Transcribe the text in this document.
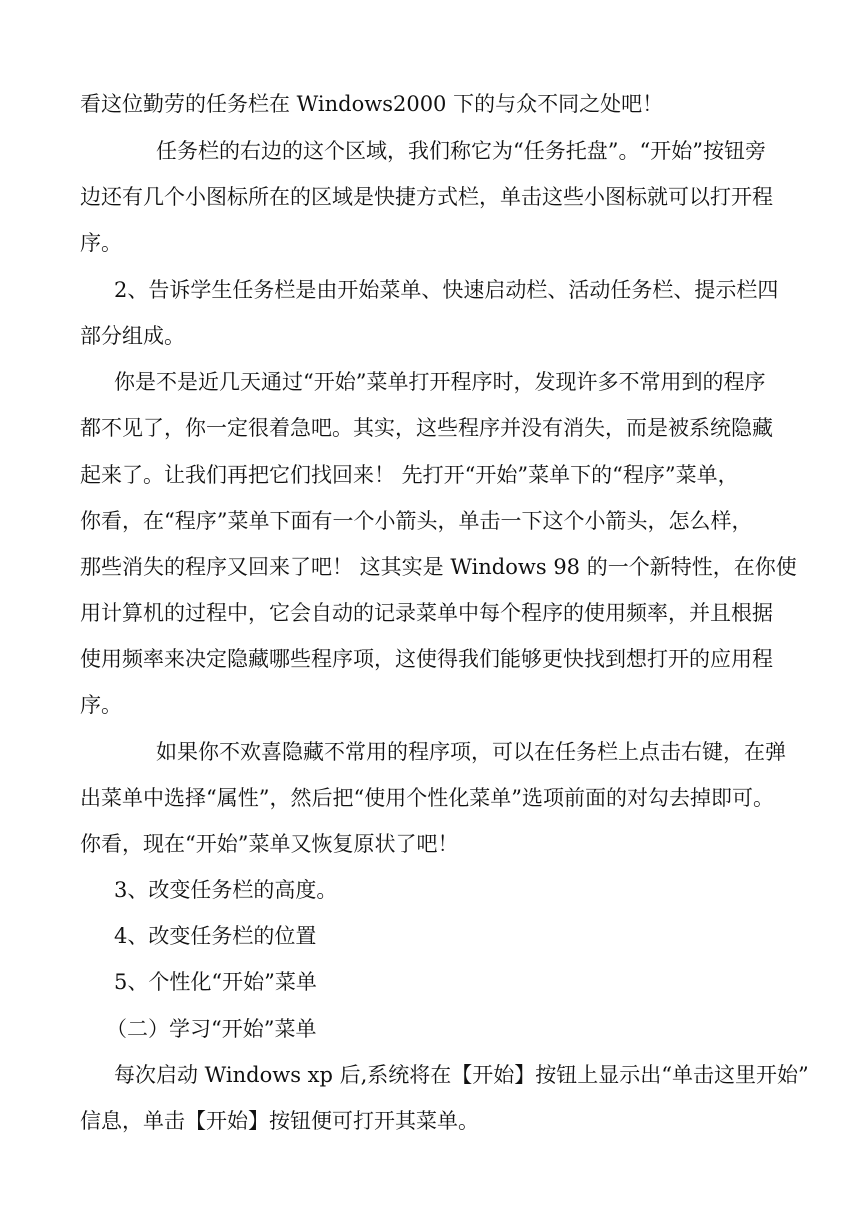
看这位勤劳的任务栏在 Windows2000 下的与众不同之处吧！
任务栏的右边的这个区域，我们称它为“任务托盘”。“开始”按钮旁
边还有几个小图标所在的区域是快捷方式栏，单击这些小图标就可以打开程
序。
2、告诉学生任务栏是由开始菜单、快速启动栏、活动任务栏、提示栏四
部分组成。
你是不是近几天通过“开始”菜单打开程序时，发现许多不常用到的程序
都不见了，你一定很着急吧。其实，这些程序并没有消失，而是被系统隐藏
起来了。让我们再把它们找回来！ 先打开“开始”菜单下的“程序”菜单，
你看，在“程序”菜单下面有一个小箭头，单击一下这个小箭头，怎么样，
那些消失的程序又回来了吧！ 这其实是 Windows 98 的一个新特性，在你使
用计算机的过程中，它会自动的记录菜单中每个程序的使用频率，并且根据
使用频率来决定隐藏哪些程序项，这使得我们能够更快找到想打开的应用程
序。
如果你不欢喜隐藏不常用的程序项，可以在任务栏上点击右键，在弹
出菜单中选择“属性”，然后把“使用个性化菜单”选项前面的对勾去掉即可。
你看，现在“开始”菜单又恢复原状了吧！
3、改变任务栏的高度。
4、改变任务栏的位置
5、个性化“开始”菜单
（二）学习“开始”菜单
每次启动 Windows xp 后,系统将在【开始】按钮上显示出“单击这里开始”
信息，单击【开始】按钮便可打开其菜单。
